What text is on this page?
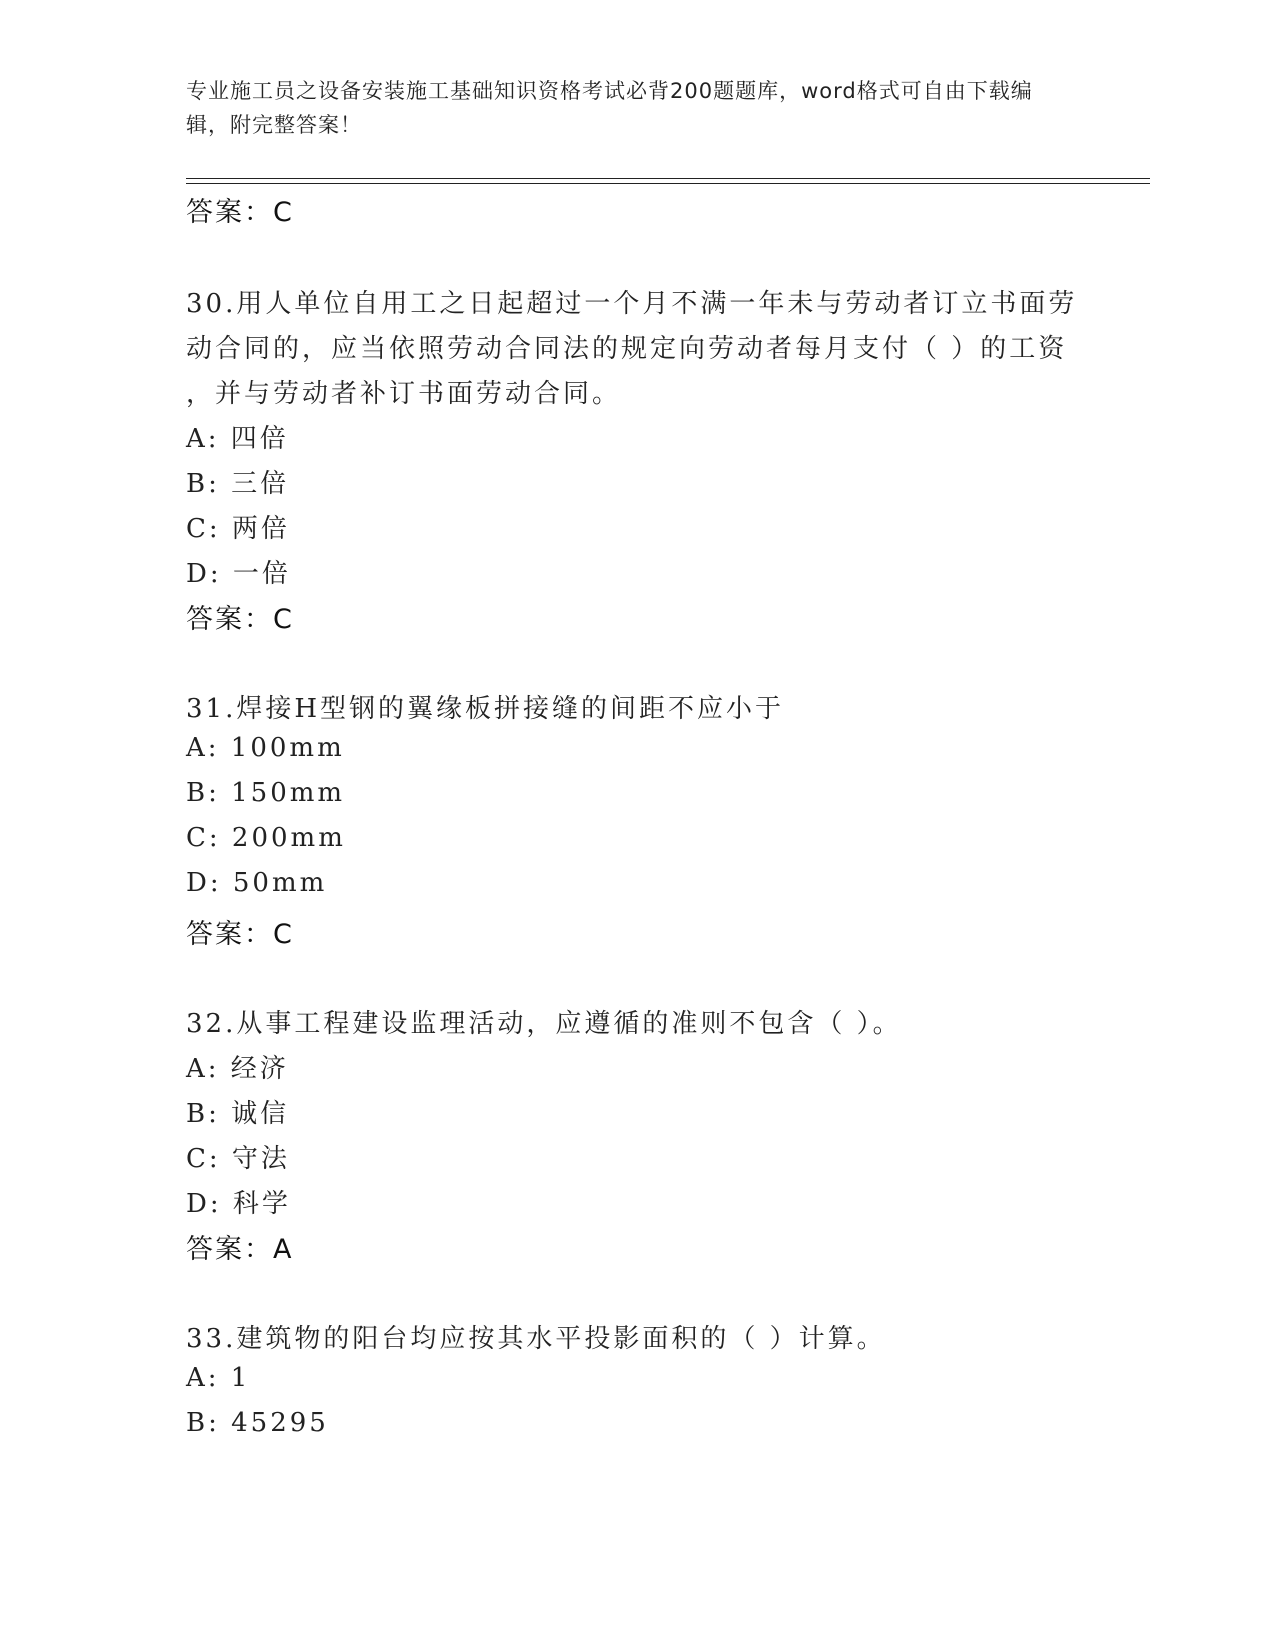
专业施工员之设备安装施工基础知识资格考试必背200题题库，word格式可自由下载编辑，附完整答案！
答案：C
30.用人单位自用工之日起超过一个月不满一年未与劳动者订立书面劳
动合同的，应当依照劳动合同法的规定向劳动者每月支付（ ）的工资
，并与劳动者补订书面劳动合同。
A: 四倍
B: 三倍
C: 两倍
D: 一倍
答案：C
31.焊接H型钢的翼缘板拼接缝的间距不应小于
A: 100mm
B: 150mm
C: 200mm
D: 50mm
答案：C
32.从事工程建设监理活动，应遵循的准则不包含（ ）。
A: 经济
B: 诚信
C: 守法
D: 科学
答案：A
33.建筑物的阳台均应按其水平投影面积的（ ）计算。
A: 1
B: 45295
